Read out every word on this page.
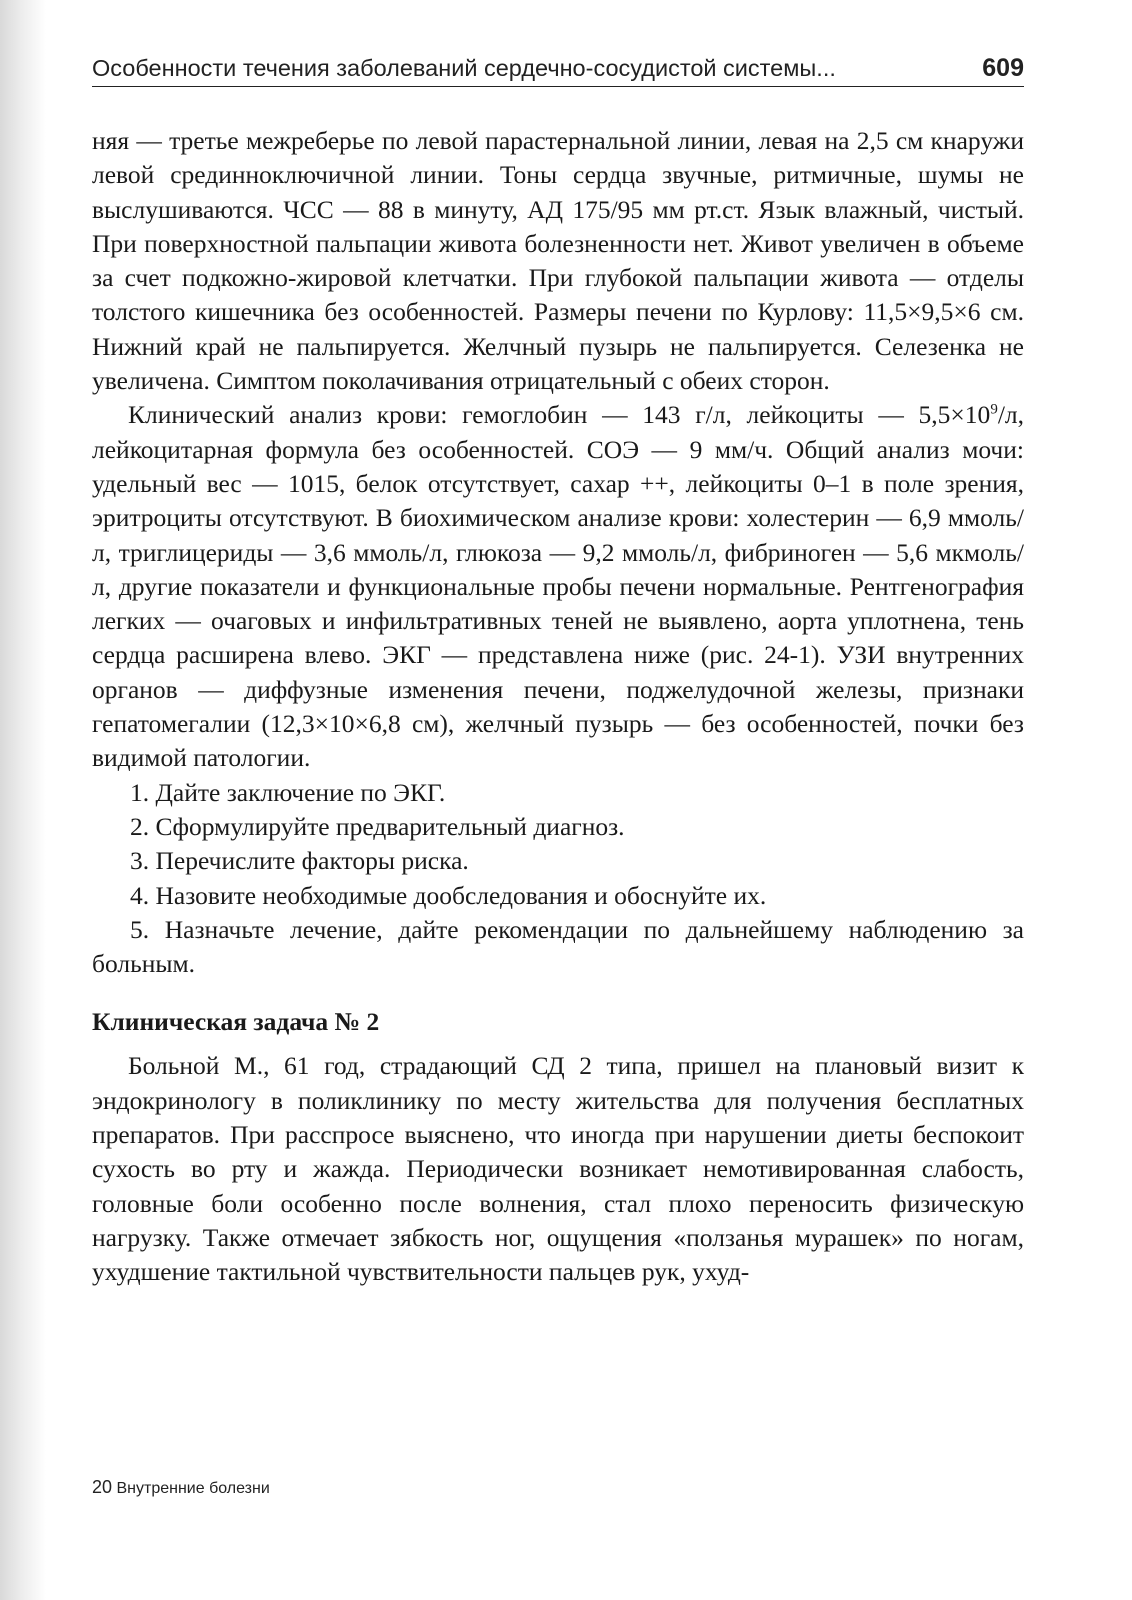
Особенности течения заболеваний сердечно-сосудистой системы...	609

няя — третье межреберье по левой парастернальной линии, левая на 2,5 см кнаружи левой срединноключичной линии. Тоны сердца звучные, ритмичные, шумы не выслушиваются. ЧСС — 88 в минуту, АД 175/95 мм рт.ст. Язык влажный, чистый. При поверхностной пальпации живота болезненности нет. Живот увеличен в объеме за счет подкожно-жировой клетчатки. При глубокой пальпации живота — отделы толстого кишечника без особенностей. Размеры печени по Курлову: 11,5×9,5×6 см. Нижний край не пальпируется. Желчный пузырь не пальпируется. Селезенка не увеличена. Симптом поколачивания отрицательный с обеих сторон.

Клинический анализ крови: гемоглобин — 143 г/л, лейкоциты — $5,5\times 10^9/л$, лейкоцитарная формула без особенностей. СОЭ — 9 мм/ч. Общий анализ мочи: удельный вес — 1015, белок отсутствует, сахар ++, лейкоциты 0–1 в поле зрения, эритроциты отсутствуют. В биохимическом анализе крови: холестерин — 6,9 ммоль/л, триглицериды — 3,6 ммоль/л, глюкоза — 9,2 ммоль/л, фибриноген — 5,6 мкмоль/л, другие показатели и функциональные пробы печени нормальные. Рентгенография легких — очаговых и инфильтративных теней не выявлено, аорта уплотнена, тень сердца расширена влево. ЭКГ — представлена ниже (рис. 24-1). УЗИ внутренних органов — диффузные изменения печени, поджелудочной железы, признаки гепатомегалии (12,3×10×6,8 см), желчный пузырь — без особенностей, почки без видимой патологии.

1. Дайте заключение по ЭКГ.

2. Сформулируйте предварительный диагноз.

3. Перечислите факторы риска.

4. Назовите необходимые дообследования и обоснуйте их.

5. Назначьте лечение, дайте рекомендации по дальнейшему наблюдению за больным.

Клиническая задача № 2

Больной М., 61 год, страдающий СД 2 типа, пришел на плановый визит к эндокринологу в поликлинику по месту жительства для получения бесплатных препаратов. При расспросе выяснено, что иногда при нарушении диеты беспокоит сухость во рту и жажда. Периодически возникает немотивированная слабость, головные боли особенно после волнения, стал плохо переносить физическую нагрузку. Также отмечает зябкость ног, ощущения «ползанья мурашек» по ногам, ухудшение тактильной чувствительности пальцев рук, ухуд-

20 Внутренние болезни
